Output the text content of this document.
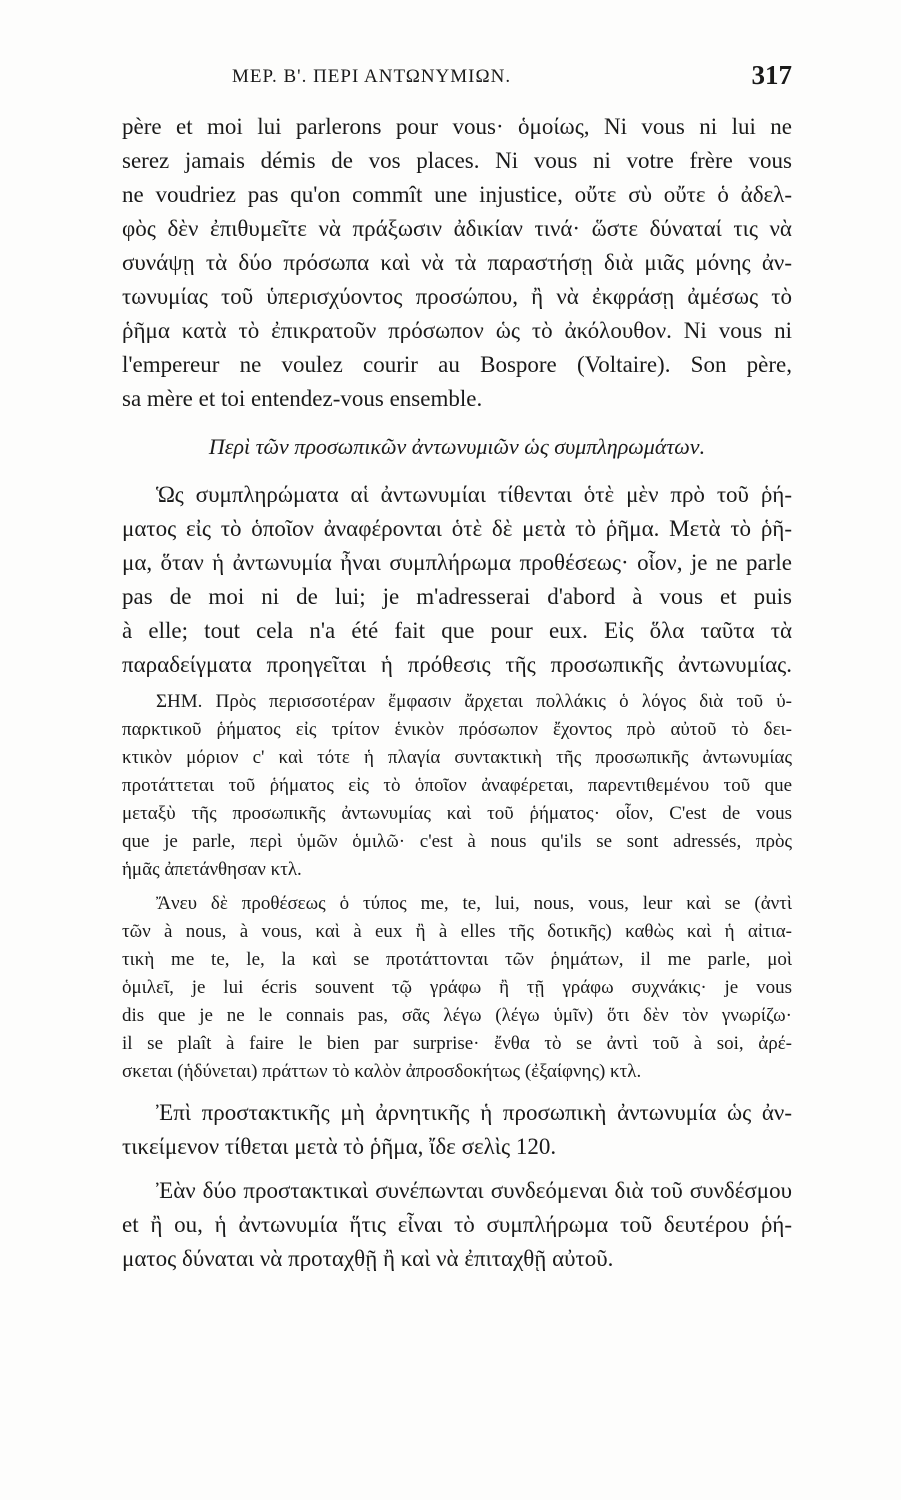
ΜΕΡ. Β'. ΠΕΡΙ ΑΝΤΩΝΥΜΙΩΝ.	317
père et moi lui parlerons pour vous· ὁμοίως, Ni vous ni lui ne
serez jamais démis de vos places. Ni vous ni votre frère vous
ne voudriez pas qu'on commît une injustice, οὔτε σὺ οὔτε ὁ ἀδελ-
φὸς δὲν ἐπιθυμεῖτε νὰ πράξωσιν ἀδικίαν τινά· ὥστε δύναταί τις νὰ
συνάψῃ τὰ δύο πρόσωπα καὶ νὰ τὰ παραστήσῃ διὰ μιᾶς μόνης ἀν-
τωνυμίας τοῦ ὑπερισχύοντος προσώπου, ἢ νὰ ἐκφράσῃ ἀμέσως τὸ
ῥῆμα κατὰ τὸ ἐπικρατοῦν πρόσωπον ὡς τὸ ἀκόλουθον. Ni vous ni
l'empereur ne voulez courir au Bospore (Voltaire). Son père,
sa mère et toi entendez-vous ensemble.
Περὶ τῶν προσωπικῶν ἀντωνυμιῶν ὡς συμπληρωμάτων.
Ὡς συμπληρώματα αἱ ἀντωνυμίαι τίθενται ὁτὲ μὲν πρὸ τοῦ ῥή-
ματος εἰς τὸ ὁποῖον ἀναφέρονται ὁτὲ δὲ μετὰ τὸ ῥῆμα. Μετὰ τὸ ῥῆ-
μα, ὅταν ἡ ἀντωνυμία ἦναι συμπλήρωμα προθέσεως· οἷον, je ne parle
pas de moi ni de lui; je m'adresserai d'abord à vous et puis
à elle; tout cela n'a été fait que pour eux. Εἰς ὅλα ταῦτα τὰ
παραδείγματα προηγεῖται ἡ πρόθεσις τῆς προσωπικῆς ἀντωνυμίας.
ΣΗΜ. Πρὸς περισσοτέραν ἔμφασιν ἄρχεται πολλάκις ὁ λόγος διὰ τοῦ ὑ-
παρκτικοῦ ῥήματος εἰς τρίτον ἑνικὸν πρόσωπον ἔχοντος πρὸ αὐτοῦ τὸ δει-
κτικὸν μόριον c' καὶ τότε ἡ πλαγία συντακτικὴ τῆς προσωπικῆς ἀντωνυμίας
προτάττεται τοῦ ῥήματος εἰς τὸ ὁποῖον ἀναφέρεται, παρεντιθεμένου τοῦ que
μεταξὺ τῆς προσωπικῆς ἀντωνυμίας καὶ τοῦ ῥήματος· οἷον, C'est de vous
que je parle, περὶ ὑμῶν ὁμιλῶ· c'est à nous qu'ils se sont adressés, πρὸς
ἡμᾶς ἀπετάνθησαν κτλ.
Ἄνευ δὲ προθέσεως ὁ τύπος me, te, lui, nous, vous, leur καὶ se (ἀντὶ
τῶν à nous, à vous, καὶ à eux ἢ à elles τῆς δοτικῆς) καθὼς καὶ ἡ αἰτια-
τικὴ me te, le, la καὶ se προτάττονται τῶν ῥημάτων, il me parle, μοὶ
ὁμιλεῖ, je lui écris souvent τῷ γράφω ἢ τῇ γράφω συχνάκις· je vous
dis que je ne le connais pas, σᾶς λέγω (λέγω ὑμῖν) ὅτι δὲν τὸν γνωρίζω·
il se plaît à faire le bien par surprise· ἔνθα τὸ se ἀντὶ τοῦ à soi, ἀρέ-
σκεται (ἡδύνεται) πράττων τὸ καλὸν ἀπροσδοκήτως (ἐξαίφνης) κτλ.
Ἐπὶ προστακτικῆς μὴ ἀρνητικῆς ἡ προσωπικὴ ἀντωνυμία ὡς ἀν-
τικείμενον τίθεται μετὰ τὸ ῥῆμα, ἴδε σελὶς 120.
Ἐὰν δύο προστακτικαὶ συνέπωνται συνδεόμεναι διὰ τοῦ συνδέσμου
et ἢ ou, ἡ ἀντωνυμία ἥτις εἶναι τὸ συμπλήρωμα τοῦ δευτέρου ῥή-
ματος δύναται νὰ προταχθῇ ἢ καὶ νὰ ἐπιταχθῇ αὐτοῦ.
